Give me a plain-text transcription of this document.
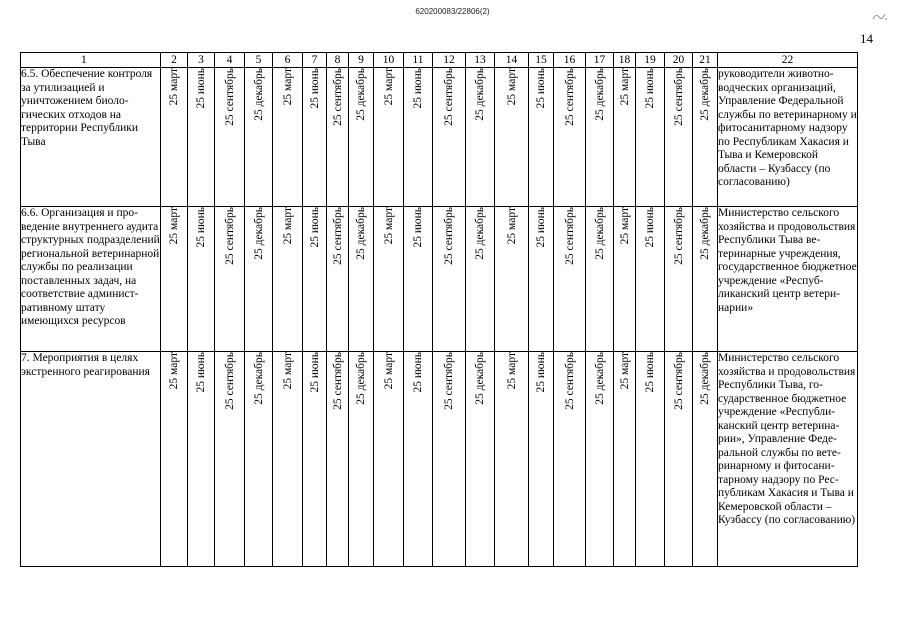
620200083/22806(2)
14
1	2	3	4	5	6	7	8	9	10	11	12	13	14	15	16	17	18	19	20	21	22
6.5. Обеспечение контроля за утилизацией и уничтожением биологических отходов на территории Республики Тыва	25 март	25 июнь	25 сентябрь	25 декабрь	25 март	25 июнь	25 сентябрь	25 декабрь	25 март	25 июнь	25 сентябрь	25 декабрь	25 март	25 июнь	25 сентябрь	25 декабрь	25 март	25 июнь	25 сентябрь	25 декабрь	руководители животноводческих организаций, Управление Федеральной службы по ветеринарному и фитосанитарному надзору по Республикам Хакасия и Тыва и Кемеровской области – Кузбассу (по согласованию)
6.6. Организация и проведение внутреннего аудита структурных подразделений региональной ветеринарной службы по реализации поставленных задач, на соответствие административному штату имеющихся ресурсов	25 март	25 июнь	25 сентябрь	25 декабрь	25 март	25 июнь	25 сентябрь	25 декабрь	25 март	25 июнь	25 сентябрь	25 декабрь	25 март	25 июнь	25 сентябрь	25 декабрь	25 март	25 июнь	25 сентябрь	25 декабрь	Министерство сельского хозяйства и продовольствия Республики Тыва ветеринарные учреждения, государственное бюджетное учреждение «Республиканский центр ветеринарии»
7. Мероприятия в целях экстренного реагирования	25 март	25 июнь	25 сентябрь	25 декабрь	25 март	25 июнь	25 сентябрь	25 декабрь	25 март	25 июнь	25 сентябрь	25 декабрь	25 март	25 июнь	25 сентябрь	25 декабрь	25 март	25 июнь	25 сентябрь	25 декабрь	Министерство сельского хозяйства и продовольствия Республики Тыва, государственное бюджетное учреждение «Республиканский центр ветеринарии», Управление Федеральной службы по ветеринарному и фитосанитарному надзору по Республикам Хакасия и Тыва и Кемеровской области – Кузбассу (по согласованию)
